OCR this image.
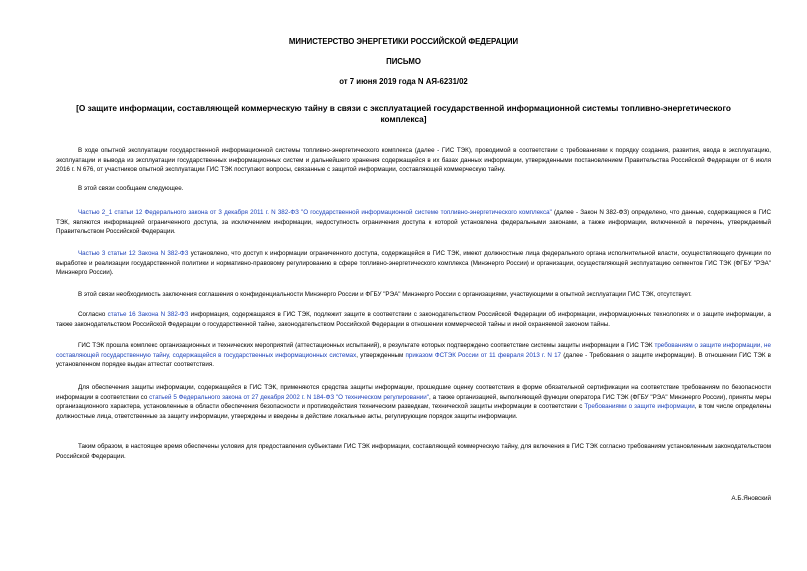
МИНИСТЕРСТВО ЭНЕРГЕТИКИ РОССИЙСКОЙ ФЕДЕРАЦИИ
ПИСЬМО
от 7 июня 2019 года N АЯ-6231/02
[О защите информации, составляющей коммерческую тайну в связи с эксплуатацией государственной информационной системы топливно-энергетического комплекса]

В ходе опытной эксплуатации государственной информационной системы топливно-энергетического комплекса (далее - ГИС ТЭК), проводимой в соответствии с требованиями к порядку создания, развития, ввода в эксплуатацию, эксплуатации и вывода из эксплуатации государственных информационных систем и дальнейшего хранения содержащейся в их базах данных информации, утвержденными постановлением Правительства Российской Федерации от 6 июля 2016 г. N 676, от участников опытной эксплуатации ГИС ТЭК поступают вопросы, связанные с защитой информации, составляющей коммерческую тайну.

В этой связи сообщаем следующее.

Частью 2_1 статьи 12 Федерального закона от 3 декабря 2011 г. N 382-ФЗ "О государственной информационной системе топливно-энергетического комплекса" (далее - Закон N 382-ФЗ) определено, что данные, содержащиеся в ГИС ТЭК, являются информацией ограниченного доступа, за исключением информации, недоступность ограничения доступа к которой установлена федеральными законами, а также информации, включенной в перечень, утверждаемый Правительством Российской Федерации.

Частью 3 статьи 12 Закона N 382-ФЗ установлено, что доступ к информации ограниченного доступа, содержащейся в ГИС ТЭК, имеют должностные лица федерального органа исполнительной власти, осуществляющего функции по выработке и реализации государственной политики и нормативно-правовому регулированию в сфере топливно-энергетического комплекса (Минэнерго России) и организации, осуществляющей эксплуатацию сегментов ГИС ТЭК (ФГБУ "РЭА" Минэнерго России).

В этой связи необходимость заключения соглашения о конфиденциальности Минэнерго России и ФГБУ "РЭА" Минэнерго России с организациями, участвующими в опытной эксплуатации ГИС ТЭК, отсутствует.

Согласно статье 16 Закона N 382-ФЗ информация, содержащаяся в ГИС ТЭК, подлежит защите в соответствии с законодательством Российской Федерации об информации, информационных технологиях и о защите информации, а также законодательством Российской Федерации о государственной тайне, законодательством Российской Федерации в отношении коммерческой тайны и иной охраняемой законом тайны.

ГИС ТЭК прошла комплекс организационных и технических мероприятий (аттестационных испытаний), в результате которых подтверждено соответствие системы защиты информации в ГИС ТЭК требованиям о защите информации, не составляющей государственную тайну, содержащейся в государственных информационных системах, утвержденным приказом ФСТЭК России от 11 февраля 2013 г. N 17 (далее - Требования о защите информации). В отношении ГИС ТЭК в установленном порядке выдан аттестат соответствия.

Для обеспечения защиты информации, содержащейся в ГИС ТЭК, применяются средства защиты информации, прошедшие оценку соответствия в форме обязательной сертификации на соответствие требованиям по безопасности информации в соответствии со статьей 5 Федерального закона от 27 декабря 2002 г. N 184-ФЗ "О техническом регулировании", а также организацией, выполняющей функции оператора ГИС ТЭК (ФГБУ "РЭА" Минэнерго России), приняты меры организационного характера, установленные в области обеспечения безопасности и противодействия техническим разведкам, технической защиты информации в соответствии с Требованиями о защите информации, в том числе определены должностные лица, ответственные за защиту информации, утверждены и введены в действие локальные акты, регулирующие порядок защиты информации.

Таким образом, в настоящее время обеспечены условия для предоставления субъектами ГИС ТЭК информации, составляющей коммерческую тайну, для включения в ГИС ТЭК согласно требованиям установленным законодательством Российской Федерации.

А.Б.Яновский
